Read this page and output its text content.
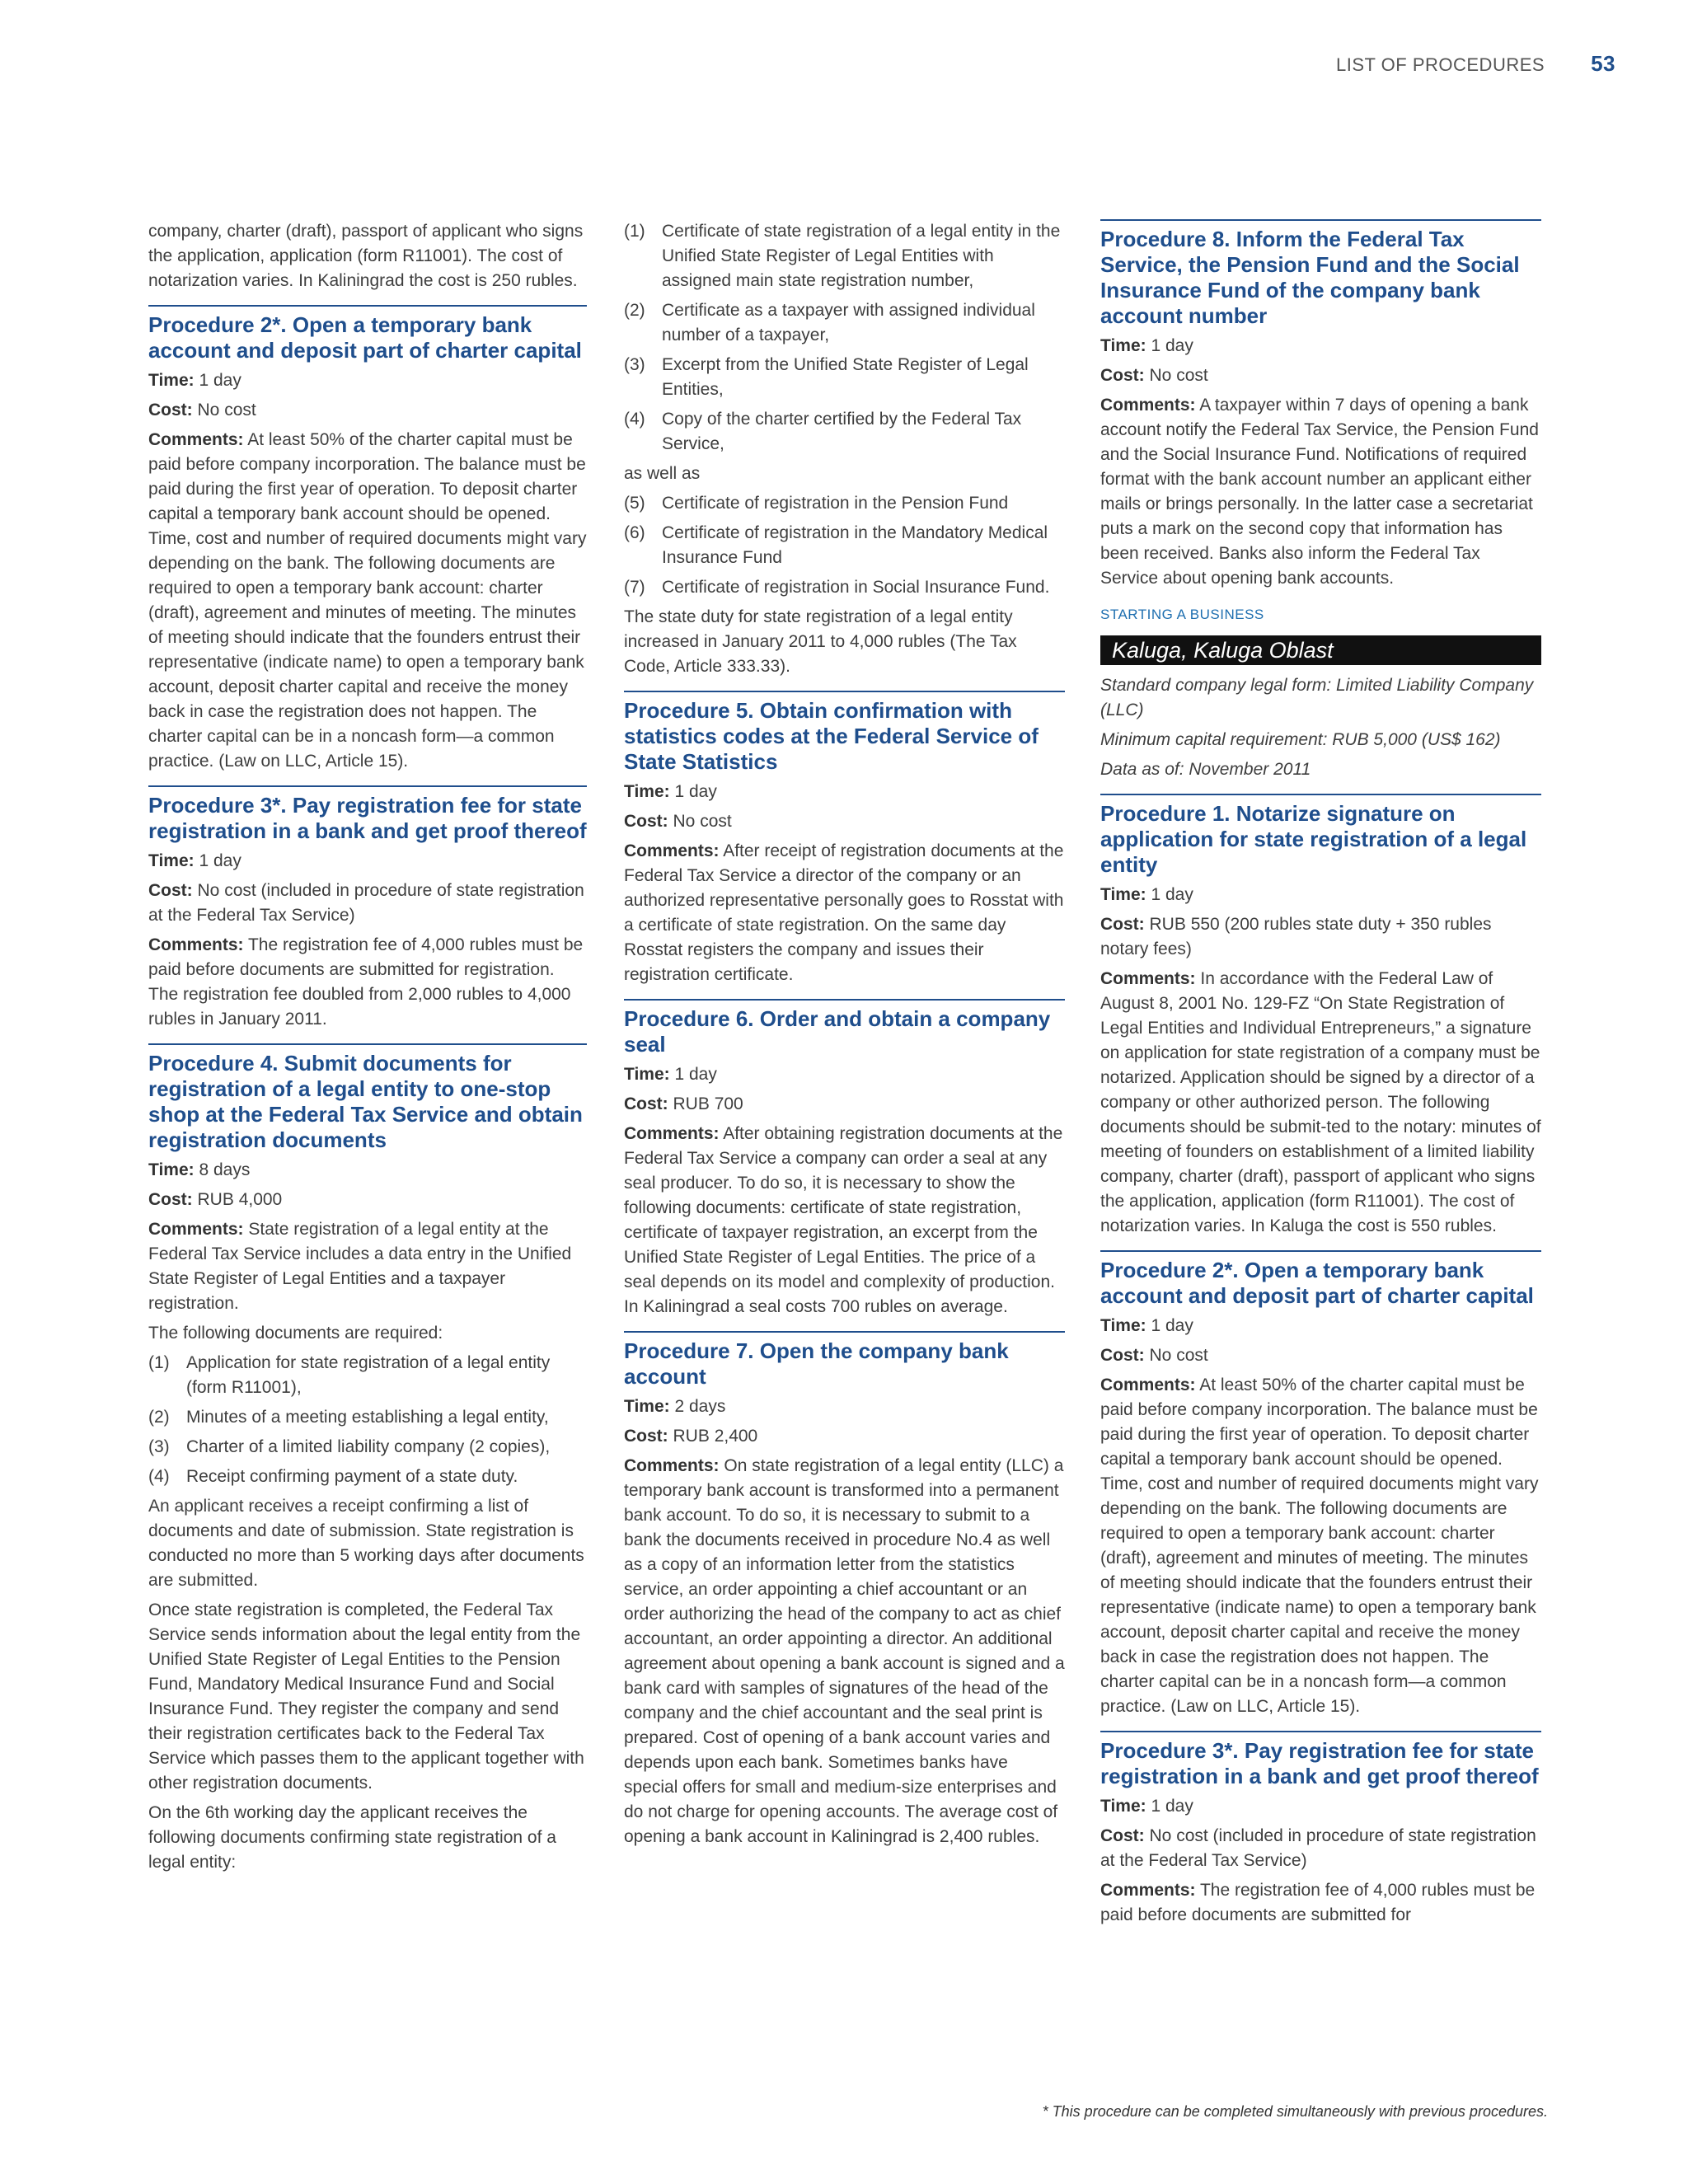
LIST OF PROCEDURES 53

company, charter (draft), passport of applicant who signs the application, application (form R11001). The cost of notarization varies. In Kaliningrad the cost is 250 rubles.

Procedure 2*. Open a temporary bank account and deposit part of charter capital

Time: 1 day

Cost: No cost

Comments: At least 50% of the charter capital must be paid before company incorporation. The balance must be paid during the first year of operation. To deposit charter capital a temporary bank account should be opened. Time, cost and number of required documents might vary depending on the bank. The following documents are required to open a temporary bank account: charter (draft), agreement and minutes of meeting. The minutes of meeting should indicate that the founders entrust their representative (indicate name) to open a temporary bank account, deposit charter capital and receive the money back in case the registration does not happen. The charter capital can be in a noncash form—a common practice. (Law on LLC, Article 15).

Procedure 3*. Pay registration fee for state registration in a bank and get proof thereof

Time: 1 day

Cost: No cost (included in procedure of state registration at the Federal Tax Service)

Comments: The registration fee of 4,000 rubles must be paid before documents are submitted for registration. The registration fee doubled from 2,000 rubles to 4,000 rubles in January 2011.

Procedure 4. Submit documents for registration of a legal entity to one-stop shop at the Federal Tax Service and obtain registration documents

Time: 8 days

Cost: RUB 4,000

Comments: State registration of a legal entity at the Federal Tax Service includes a data entry in the Unified State Register of Legal Entities and a taxpayer registration.

The following documents are required:

(1) Application for state registration of a legal entity (form R11001),
(2) Minutes of a meeting establishing a legal entity,
(3) Charter of a limited liability company (2 copies),
(4) Receipt confirming payment of a state duty.

An applicant receives a receipt confirming a list of documents and date of submission. State registration is conducted no more than 5 working days after documents are submitted.

Once state registration is completed, the Federal Tax Service sends information about the legal entity from the Unified State Register of Legal Entities to the Pension Fund, Mandatory Medical Insurance Fund and Social Insurance Fund. They register the company and send their registration certificates back to the Federal Tax Service which passes them to the applicant together with other registration documents.

On the 6th working day the applicant receives the following documents confirming state registration of a legal entity:

(1) Certificate of state registration of a legal entity in the Unified State Register of Legal Entities with assigned main state registration number,
(2) Certificate as a taxpayer with assigned individual number of a taxpayer,
(3) Excerpt from the Unified State Register of Legal Entities,
(4) Copy of the charter certified by the Federal Tax Service,

as well as

(5) Certificate of registration in the Pension Fund
(6) Certificate of registration in the Mandatory Medical Insurance Fund
(7) Certificate of registration in Social Insurance Fund.

The state duty for state registration of a legal entity increased in January 2011 to 4,000 rubles (The Tax Code, Article 333.33).

Procedure 5. Obtain confirmation with statistics codes at the Federal Service of State Statistics

Time: 1 day

Cost: No cost

Comments: After receipt of registration documents at the Federal Tax Service a director of the company or an authorized representative personally goes to Rosstat with a certificate of state registration. On the same day Rosstat registers the company and issues their registration certificate.

Procedure 6. Order and obtain a company seal

Time: 1 day

Cost: RUB 700

Comments: After obtaining registration documents at the Federal Tax Service a company can order a seal at any seal producer. To do so, it is necessary to show the following documents: certificate of state registration, certificate of taxpayer registration, an excerpt from the Unified State Register of Legal Entities. The price of a seal depends on its model and complexity of production. In Kaliningrad a seal costs 700 rubles on average.

Procedure 7. Open the company bank account

Time: 2 days

Cost: RUB 2,400

Comments: On state registration of a legal entity (LLC) a temporary bank account is transformed into a permanent bank account. To do so, it is necessary to submit to a bank the documents received in procedure No.4 as well as a copy of an information letter from the statistics service, an order appointing a chief accountant or an order authorizing the head of the company to act as chief accountant, an order appointing a director. An additional agreement about opening a bank account is signed and a bank card with samples of signatures of the head of the company and the chief accountant and the seal print is prepared. Cost of opening of a bank account varies and depends upon each bank. Sometimes banks have special offers for small and medium-size enterprises and do not charge for opening accounts. The average cost of opening a bank account in Kaliningrad is 2,400 rubles.

Procedure 8. Inform the Federal Tax Service, the Pension Fund and the Social Insurance Fund of the company bank account number

Time: 1 day

Cost: No cost

Comments: A taxpayer within 7 days of opening a bank account notify the Federal Tax Service, the Pension Fund and the Social Insurance Fund. Notifications of required format with the bank account number an applicant either mails or brings personally. In the latter case a secretariat puts a mark on the second copy that information has been received. Banks also inform the Federal Tax Service about opening bank accounts.

STARTING A BUSINESS
Kaluga, Kaluga Oblast

Standard company legal form: Limited Liability Company (LLC)

Minimum capital requirement: RUB 5,000 (US$ 162)

Data as of: November 2011

Procedure 1. Notarize signature on application for state registration of a legal entity

Time: 1 day

Cost: RUB 550 (200 rubles state duty + 350 rubles notary fees)

Comments: In accordance with the Federal Law of August 8, 2001 No. 129-FZ “On State Registration of Legal Entities and Individual Entrepreneurs,” a signature on application for state registration of a company must be notarized. Application should be signed by a director of a company or other authorized person. The following documents should be submit-ted to the notary: minutes of meeting of founders on establishment of a limited liability company, charter (draft), passport of applicant who signs the application, application (form R11001). The cost of notarization varies. In Kaluga the cost is 550 rubles.

Procedure 2*. Open a temporary bank account and deposit part of charter capital

Time: 1 day

Cost: No cost

Comments: At least 50% of the charter capital must be paid before company incorporation. The balance must be paid during the first year of operation. To deposit charter capital a temporary bank account should be opened. Time, cost and number of required documents might vary depending on the bank. The following documents are required to open a temporary bank account: charter (draft), agreement and minutes of meeting. The minutes of meeting should indicate that the founders entrust their representative (indicate name) to open a temporary bank account, deposit charter capital and receive the money back in case the registration does not happen. The charter capital can be in a noncash form—a common practice. (Law on LLC, Article 15).

Procedure 3*. Pay registration fee for state registration in a bank and get proof thereof

Time: 1 day

Cost: No cost (included in procedure of state registration at the Federal Tax Service)

Comments: The registration fee of 4,000 rubles must be paid before documents are submitted for

* This procedure can be completed simultaneously with previous procedures.
